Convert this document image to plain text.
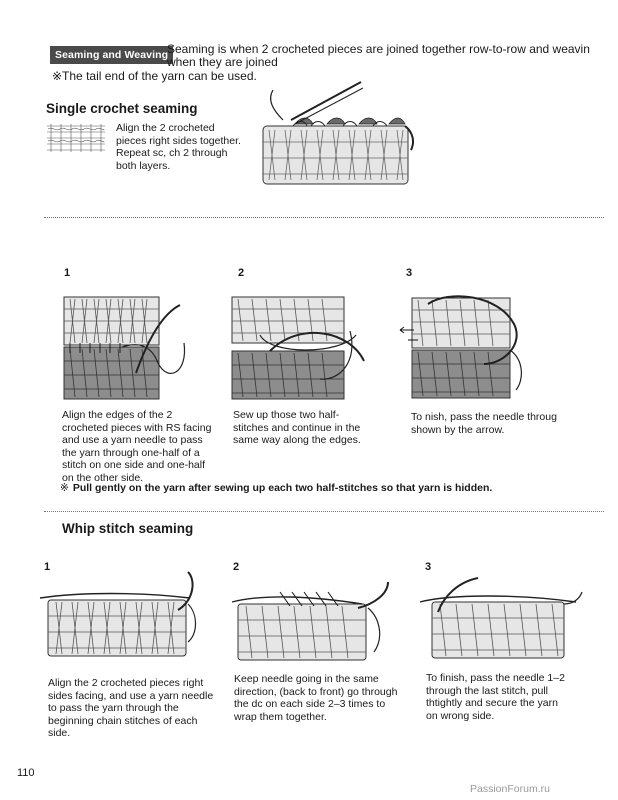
Seaming and Weaving
Seaming is when 2 crocheted pieces are joined together row-to-row and weavin
when they are joined
※The tail end of the yarn can be used.
Single crochet seaming
Align the 2 crocheted pieces right sides together. Repeat sc, ch 2 through both layers.
1	2	3
Align the edges of the 2 crocheted pieces with RS facing and use a yarn needle to pass the yarn through one-half of a stitch on one side and one-half on the other side.
Sew up those two half-stitches and continue in the same way along the edges.
To nish, pass the needle throug shown by the arrow.
※ Pull gently on the yarn after sewing up each two half-stitches so that yarn is hidden.
Whip stitch seaming
1	2	3
Align the 2 crocheted pieces right sides facing, and use a yarn needle to pass the yarn through the beginning chain stitches of each side.
Keep needle going in the same direction, (back to front) go through the dc on each side 2–3 times to wrap them together.
To finish, pass the needle 1–2 through the last stitch, pull thtightly and secure the yarn on wrong side.
110
PassionForum.ru
